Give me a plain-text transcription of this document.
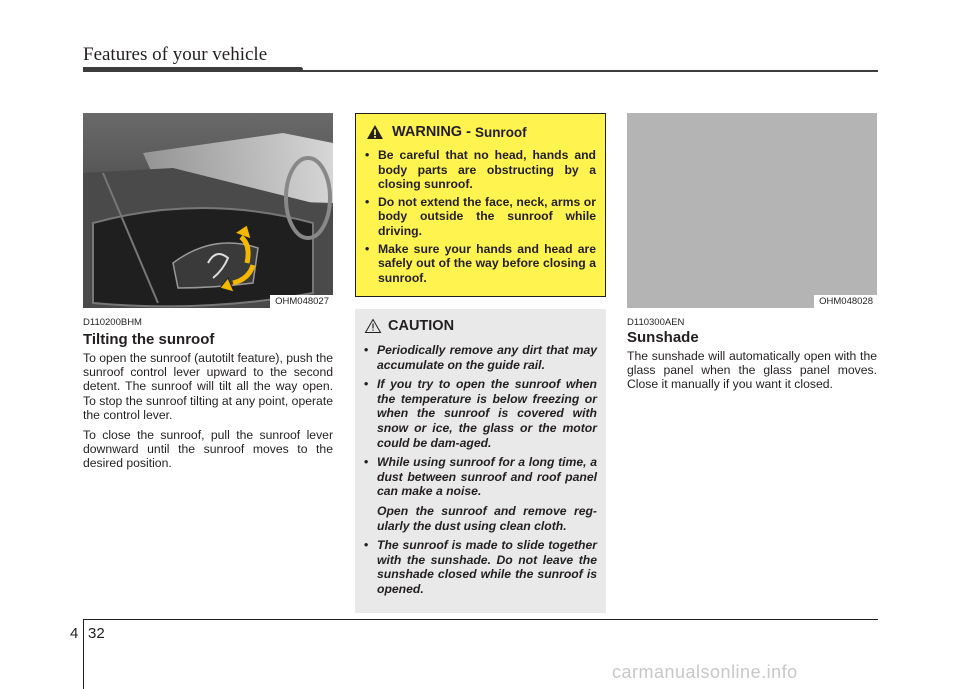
Features of your vehicle
OHM048027
D110200BHM
Tilting the sunroof

To open the sunroof (autotilt feature), push the sunroof control lever upward to the second detent. The sunroof will tilt all the way open. To stop the sunroof tilting at any point, operate the control lever.

To close the sunroof, pull the sunroof lever downward until the sunroof moves to the desired position.

WARNING - Sunroof
• Be careful that no head, hands and body parts are obstructing by a closing sunroof.
• Do not extend the face, neck, arms or body outside the sunroof while driving.
• Make sure your hands and head are safely out of the way before closing a sunroof.
CAUTION
• Periodically remove any dirt that may accumulate on the guide rail.
• If you try to open the sunroof when the temperature is below freezing or when the sunroof is covered with snow or ice, the glass or the motor could be dam-aged.
• While using sunroof for a long time, a dust between sunroof and roof panel can make a noise.
Open the sunroof and remove reg-ularly the dust using clean cloth.
• The sunroof is made to slide together with the sunshade. Do not leave the sunshade closed while the sunroof is opened.
OHM048028
D110300AEN
Sunshade

The sunshade will automatically open with the glass panel when the glass panel moves. Close it manually if you want it closed.

4 32
carmanualsonline.info
